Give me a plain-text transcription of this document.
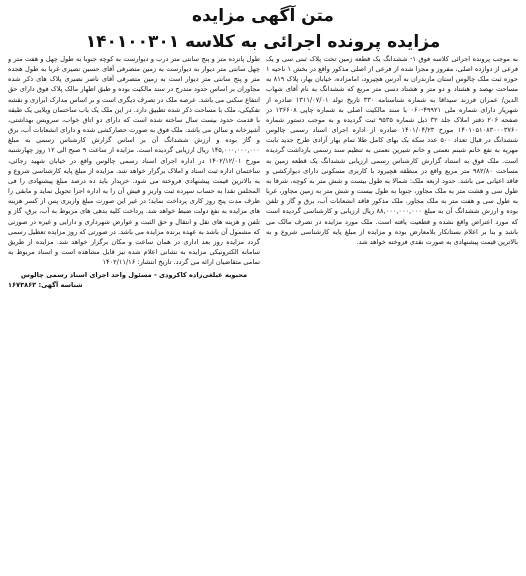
متن آگهی مزایده
مزایده پرونده اجرائی به کلاسه ۱۴۰۱۰۰۳۰۱

به موجب پرونده اجرائی کلاسه فوق ۱- ششدانگ یک قطعه زمین تحت پلاک ثبتی سی و یک فرعی از دوازده اصلی، مفروز و مجزا شده از فرعی از اصلی مذکور واقع در بخش ۱ ناحیه ۱ حوزه ثبت ملک چالوس استان مازندران به آدرس هچیرود، امامزاده، خیابان بهار، پلاک ۸۱۹ به مساحت نهصد و هشتاد و دو متر و هشتاد دسی متر مربع که ششدانگ به نام آقای شهاب الدین/ عمران فرزند سیداقا به شماره شناسنامه ۳۳۰ تاریخ تولد ۱۳۱۱/۰۷/۰۱ صادره از شهریار دارای شماره ملی ۴۹۹۲۱-۰۶۰ با سند مالکیت اصلی به شماره چاپی ۱۳۶۶۰۸ در صفحه ۲۰۶ دفتر املاک جلد ۳۲ ذیل شماره ۹۵۳۵ ثبت گردیده و به موجب دستور شماره ۱۴۰۱۰۵۱۰۸۳۰۰۰۳۷۶۰ مورخ ۱۴۰۱/۰۴/۲۳ صادره از اداره اجرای اسناد رسمی چالوس ششدانگ در قبال تعداد ۵۰۰ عدد سکه یک بهای کامل طلا تمام بهار آزادی طرح جدید بابت مهریه به نفع خانم شبنم نعمتی و خانم شیرین نعمتی به تنظیم سند رسمی بازداشت گردیده است. ملک فوق به استناد گزارش کارشناس رسمی ارزیابی ششدانگ یک قطعه زمین به مساحت ۹۸۲/۸۰ متر مربع واقع در منطقه هچیرود با کاربری مسکونی دارای دیوارکشی و فاقد اعیانی می باشد. حدود اربعه ملک: شمالا به طول بیست و شش متر به کوچه، شرقا به طول سی و هشت متر به ملک مجاور، جنوبا به طول بیست و شش متر به زمین مجاور، غربا به طول سی و هفت متر به ملک مجاور. ملک مذکور فاقد انشعابات آب، برق و گاز و تلفن بوده و ارزش ششدانگ آن به مبلغ ۸۸,۰۰۰,۰۰۰,۰۰۰ ریال ارزیابی و کارشناسی گردیده است که مورد اعتراض واقع نشده و قطعیت یافته است. ملک مورد مزایده در تصرف مالک می باشد و بنا بر اعلام بستانکار بلامعارض بوده و مزایده از مبلغ پایه کارشناسی شروع و به بالاترین قیمت پیشنهادی به صورت نقدی فروخته خواهد شد.

طول پانزده متر و پنج سانتی متر درب و دیوارست به کوچه جنوبا به طول چهل و هفت متر و چهل سانتی متر دیوار به دیوارست به زمین متصرفی آقای حسین نصیری غربا به طول هجده متر و پنج سانتی متر دیوار است به زمین متصرفی آقای ناصر نصیری پلاک های ذکر شده مجاوران بر اساس حدود مندرج در سند مالکیت بوده و طبق اظهار مالک پلاک فوق دارای حق انتفاع سکنی می باشد. عرصه ملک در تصرف دیگری است و بر اساس مدارک ابرازی و نقشه تفکیکی، ملک با مساحت ذکر شده تطبیق دارد. در این ملک یک باب ساختمان ویلایی یک طبقه با قدمت حدود بیست سال ساخته شده است که دارای دو اتاق خواب، سرویس بهداشتی، آشپزخانه و سالن می باشد. ملک فوق به صورت حصارکشی شده و دارای انشعابات آب، برق و گاز بوده و ارزش ششدانگ آن بر اساس گزارش کارشناس رسمی به مبلغ ۱۴۵,۰۰۰,۰۰۰,۰۰۰ ریال ارزیابی گردیده است. مزایده از ساعت ۹ صبح الی ۱۲ روز چهارشنبه مورخ ۱۴۰۲/۱۲/۰۱ در اداره اجرای اسناد رسمی چالوس واقع در خیابان شهید رجائی، ساختمان اداره ثبت اسناد و املاک برگزار خواهد شد. مزایده از مبلغ پایه کارشناسی شروع و به بالاترین قیمت پیشنهادی فروخته می شود. خریدار باید ده درصد مبلغ پیشنهادی را فی المجلس نقدا به حساب سپرده ثبت واریز و فیش آن را به اداره اجرا تحویل نماید و مابقی را ظرف مدت پنج روز کاری پرداخت نماید؛ در غیر این صورت مبلغ واریزی پس از کسر هزینه های مزایده به نفع دولت ضبط خواهد شد. پرداخت کلیه بدهی های مربوط به آب، برق، گاز و تلفن و هزینه های نقل و انتقال و حق الثبت و عوارض شهرداری و دارایی و غیره در صورتی که مشمول آن باشد به عهده برنده مزایده می باشد. در صورتی که روز مزایده تعطیل رسمی گردد مزایده روز بعد اداری در همان ساعت و مکان برگزار خواهد شد. مزایده از طریق سامانه الکترونیکی مزایده به نشانی اعلام شده نیز قابل مشاهده است و اسناد مربوط به تمامی متقاضیان ارائه می گردد. تاریخ انتشار: ۱۴۰۲/۱۱/۱۶

محبوبه عبلغی‌زاده کاکرودی - مسئول واحد اجرای اسناد رسمی چالوس
شناسه آگهی: ۱۶۷۳۸۶۳
